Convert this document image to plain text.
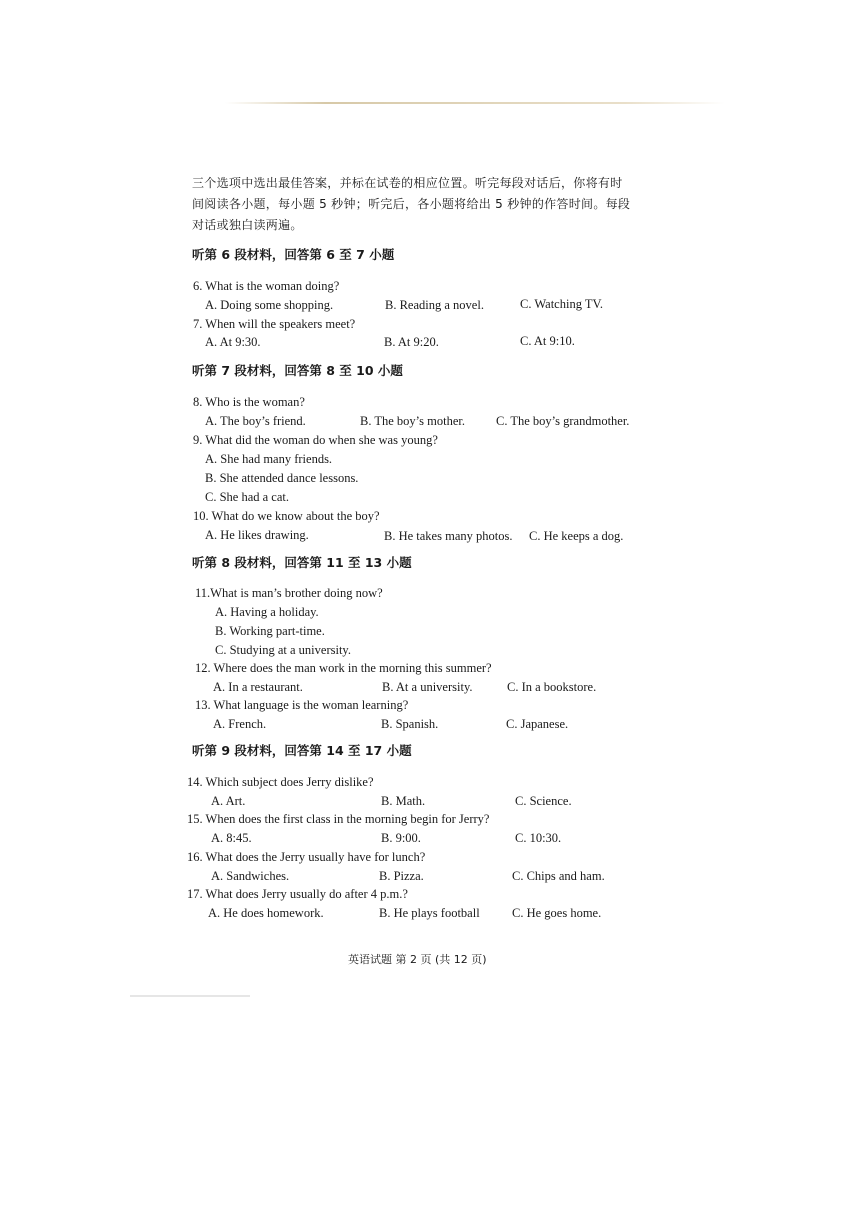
三个选项中选出最佳答案，并标在试卷的相应位置。听完每段对话后，你将有时
间阅读各小题，每小题 5 秒钟；听完后，各小题将给出 5 秒钟的作答时间。每段
对话或独白读两遍。
听第 6 段材料，回答第 6 至 7 小题
6. What is the woman doing?
A. Doing some shopping.	B. Reading a novel.	C. Watching TV.
7. When will the speakers meet?
A. At 9:30.	B. At 9:20.	C. At 9:10.
听第 7 段材料，回答第 8 至 10 小题
8. Who is the woman?
A. The boy’s friend.	B. The boy’s mother. C. The boy’s grandmother.
9. What did the woman do when she was young?
A. She had many friends.
B. She attended dance lessons.
C. She had a cat.
10. What do we know about the boy?
A. He likes drawing.	B. He takes many photos. C. He keeps a dog.
听第 8 段材料，回答第 11 至 13 小题
11.What is man’s brother doing now?
A. Having a holiday.
B. Working part-time.
C. Studying at a university.
12. Where does the man work in the morning this summer?
A. In a restaurant.	B. At a university.	C. In a bookstore.
13. What language is the woman learning?
A. French.	B. Spanish.	C. Japanese.
听第 9 段材料，回答第 14 至 17 小题
14. Which subject does Jerry dislike?
A. Art.	B. Math.	C. Science.
15. When does the first class in the morning begin for Jerry?
A. 8:45.	B. 9:00.	C. 10:30.
16. What does the Jerry usually have for lunch?
A. Sandwiches.	B. Pizza.	C. Chips and ham.
17. What does Jerry usually do after 4 p.m.?
A. He does homework.	B. He plays football	C. He goes home.
英语试题 第 2 页 (共 12 页)
